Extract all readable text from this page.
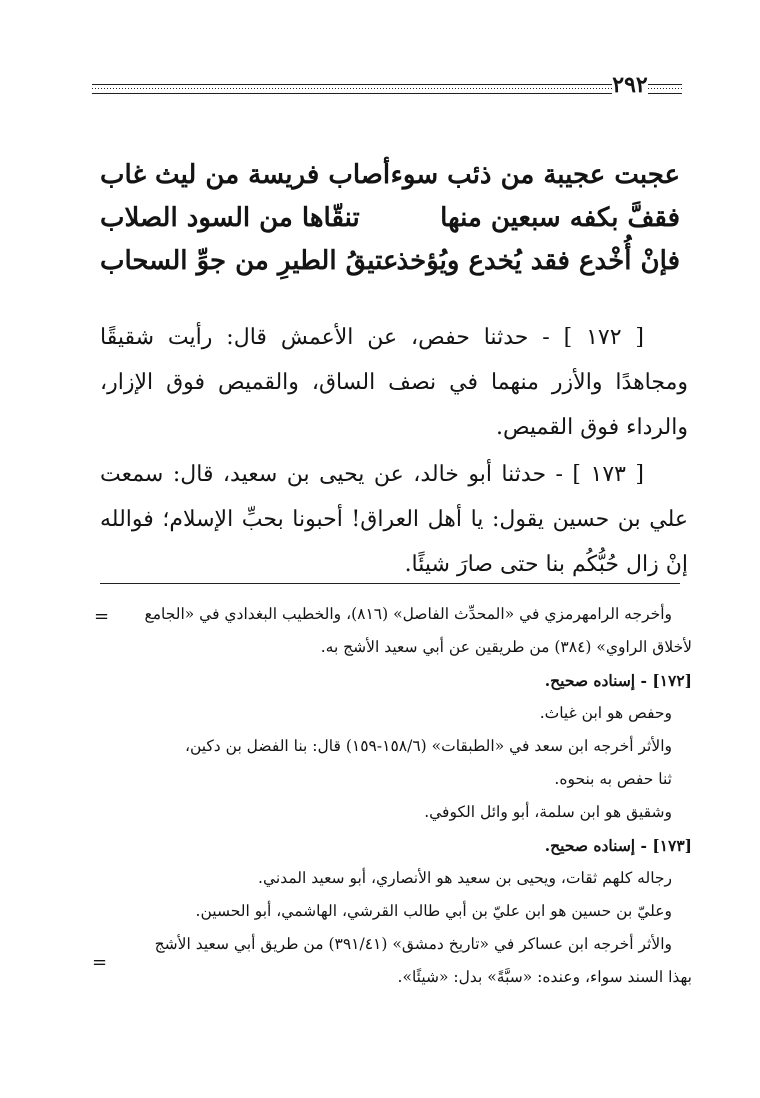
٢٩٢
عجبت عجيبة من ذئب سوء
أصاب فريسة من ليث غاب
فقفَّ بكفه سبعين منها
تنقّاها من السود الصلاب
فإنْ أُخْدع فقد يُخدع ويُؤخذ
عتيقُ الطيرِ من جوِّ السحاب

[ ١٧٢ ] - حدثنا حفص، عن الأعمش قال: رأيت شقيقًا ومجاهدًا والأزر منهما في نصف الساق، والقميص فوق الإزار، والرداء فوق القميص.

[ ١٧٣ ] - حدثنا أبو خالد، عن يحيى بن سعيد، قال: سمعت علي بن حسين يقول: يا أهل العراق! أحبونا بحبِّ الإسلام؛ فوالله إنْ زال حُبُّكُم بنا حتى صارَ شيئًا.

=	وأخرجه الرامهرمزي في «المحدِّث الفاصل» (٨١٦)، والخطيب البغدادي في «الجامع

لأخلاق الراوي» (٣٨٤) من طريقين عن أبي سعيد الأشج به.

[١٧٢] - إسناده صحيح.

وحفص هو ابن غياث.

والأثر أخرجه ابن سعد في «الطبقات» (١٥٨/٦-١٥٩) قال: بنا الفضل بن دكين،

ثنا حفص به بنحوه.

وشقيق هو ابن سلمة، أبو وائل الكوفي.

[١٧٣] - إسناده صحيح.

رجاله كلهم ثقات، ويحيى بن سعيد هو الأنصاري، أبو سعيد المدني.

وعليّ بن حسين هو ابن عليّ بن أبي طالب القرشي، الهاشمي، أبو الحسين.

والأثر أخرجه ابن عساكر في «تاريخ دمشق» (٣٩١/٤١) من طريق أبي سعيد الأشج

بهذا السند سواء، وعنده: «سبَّةً» بدل: «شيئًا».

=
